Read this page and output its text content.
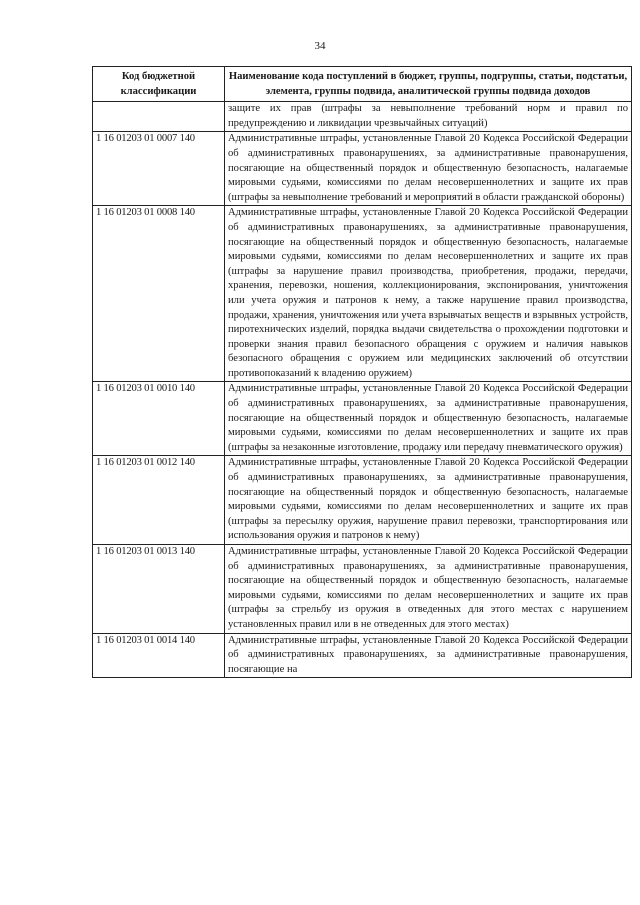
34
Код бюджетной классификации	Наименование кода поступлений в бюджет, группы, подгруппы, статьи, подстатьи, элемента, группы подвида, аналитической группы подвида доходов
	защите их прав (штрафы за невыполнение требований норм и правил по предупреждению и ликвидации чрезвычайных ситуаций)
1 16 01203 01 0007 140	Административные штрафы, установленные Главой 20 Кодекса Российской Федерации об административных правонарушениях, за административные правонарушения, посягающие на общественный порядок и общественную безопасность, налагаемые мировыми судьями, комиссиями по делам несовершеннолетних и защите их прав (штрафы за невыполнение требований и мероприятий в области гражданской обороны)
1 16 01203 01 0008 140	Административные штрафы, установленные Главой 20 Кодекса Российской Федерации об административных правонарушениях, за административные правонарушения, посягающие на общественный порядок и общественную безопасность, налагаемые мировыми судьями, комиссиями по делам несовершеннолетних и защите их прав (штрафы за нарушение правил производства, приобретения, продажи, передачи, хранения, перевозки, ношения, коллекционирования, экспонирования, уничтожения или учета оружия и патронов к нему, а также нарушение правил производства, продажи, хранения, уничтожения или учета взрывчатых веществ и взрывных устройств, пиротехнических изделий, порядка выдачи свидетельства о прохождении подготовки и проверки знания правил безопасного обращения с оружием и наличия навыков безопасного обращения с оружием или медицинских заключений об отсутствии противопоказаний к владению оружием)
1 16 01203 01 0010 140	Административные штрафы, установленные Главой 20 Кодекса Российской Федерации об административных правонарушениях, за административные правонарушения, посягающие на общественный порядок и общественную безопасность, налагаемые мировыми судьями, комиссиями по делам несовершеннолетних и защите их прав (штрафы за незаконные изготовление, продажу или передачу пневматического оружия)
1 16 01203 01 0012 140	Административные штрафы, установленные Главой 20 Кодекса Российской Федерации об административных правонарушениях, за административные правонарушения, посягающие на общественный порядок и общественную безопасность, налагаемые мировыми судьями, комиссиями по делам несовершеннолетних и защите их прав (штрафы за пересылку оружия, нарушение правил перевозки, транспортирования или использования оружия и патронов к нему)
1 16 01203 01 0013 140	Административные штрафы, установленные Главой 20 Кодекса Российской Федерации об административных правонарушениях, за административные правонарушения, посягающие на общественный порядок и общественную безопасность, налагаемые мировыми судьями, комиссиями по делам несовершеннолетних и защите их прав (штрафы за стрельбу из оружия в отведенных для этого местах с нарушением установленных правил или в не отведенных для этого местах)
1 16 01203 01 0014 140	Административные штрафы, установленные Главой 20 Кодекса Российской Федерации об административных правонарушениях, за административные правонарушения, посягающие на
